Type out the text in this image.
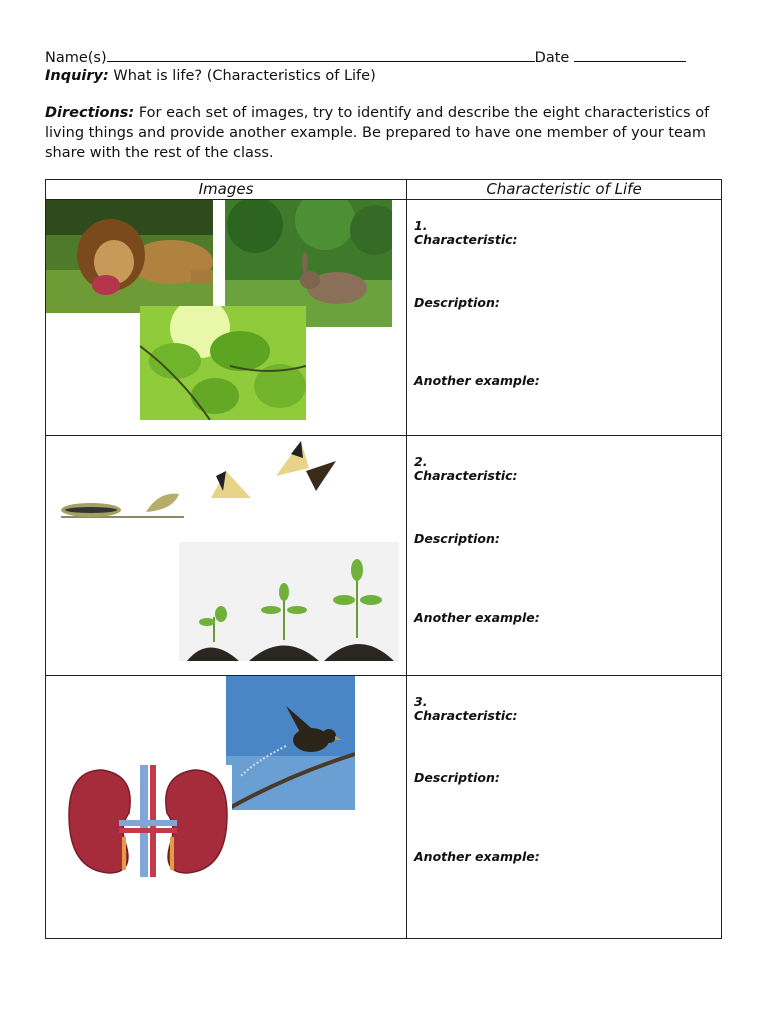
Name(s)	Date
Inquiry: What is life? (Characteristics of Life)
Directions: For each set of images, try to identify and describe the eight characteristics of living things and provide another example. Be prepared to have one member of your team share with the rest of the class.
Images	Characteristic of Life
1.
Characteristic:
Description:
Another example:
2.
Characteristic:
Description:
Another example:
3.
Characteristic:
Description:
Another example:
